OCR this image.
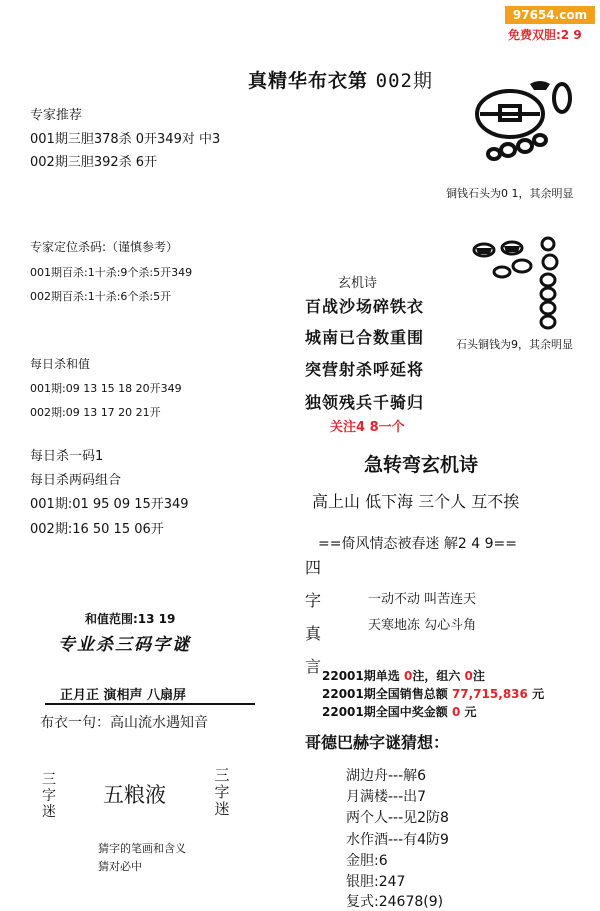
97654.com
免费双胆:2 9
真精华布衣第 002期
专家推荐
001期三胆378杀 0开349对 中3
002期三胆392杀 6开
专家定位杀码:（谨慎参考）
001期百杀:1十杀:9个杀:5开349
002期百杀:1十杀:6个杀:5开
每日杀和值
001期:09 13 15 18 20开349
002期:09 13 17 20 21开
每日杀一码1
每日杀两码组合
001期:01 95 09 15开349
002期:16 50 15 06开
和值范围:13 19
专业杀三码字谜
正月正 演相声 八扇屏
布衣一句：高山流水遇知音
三字迷
五粮液
三字迷
猜字的笔画和含义
猜对必中
铜钱石头为0 1，其余明显
石头铜钱为9，其余明显
玄机诗
百战沙场碎铁衣
城南已合数重围
突营射杀呼延将
独领残兵千骑归
关注4 8一个
急转弯玄机诗
高上山 低下海 三个人 互不挨
==倚风情态被春迷 解2 4 9==
四
字
真
言
一动不动 叫苦连天
天寒地冻 勾心斗角
22001期单选 0注，组六 0注
22001期全国销售总额 77,715,836 元
22001期全国中奖金额 0 元
哥德巴赫字谜猜想：
湖边舟---解6
月满楼---出7
两个人---见2防8
水作酒---有4防9
金胆:6
银胆:247
复式:24678(9)
